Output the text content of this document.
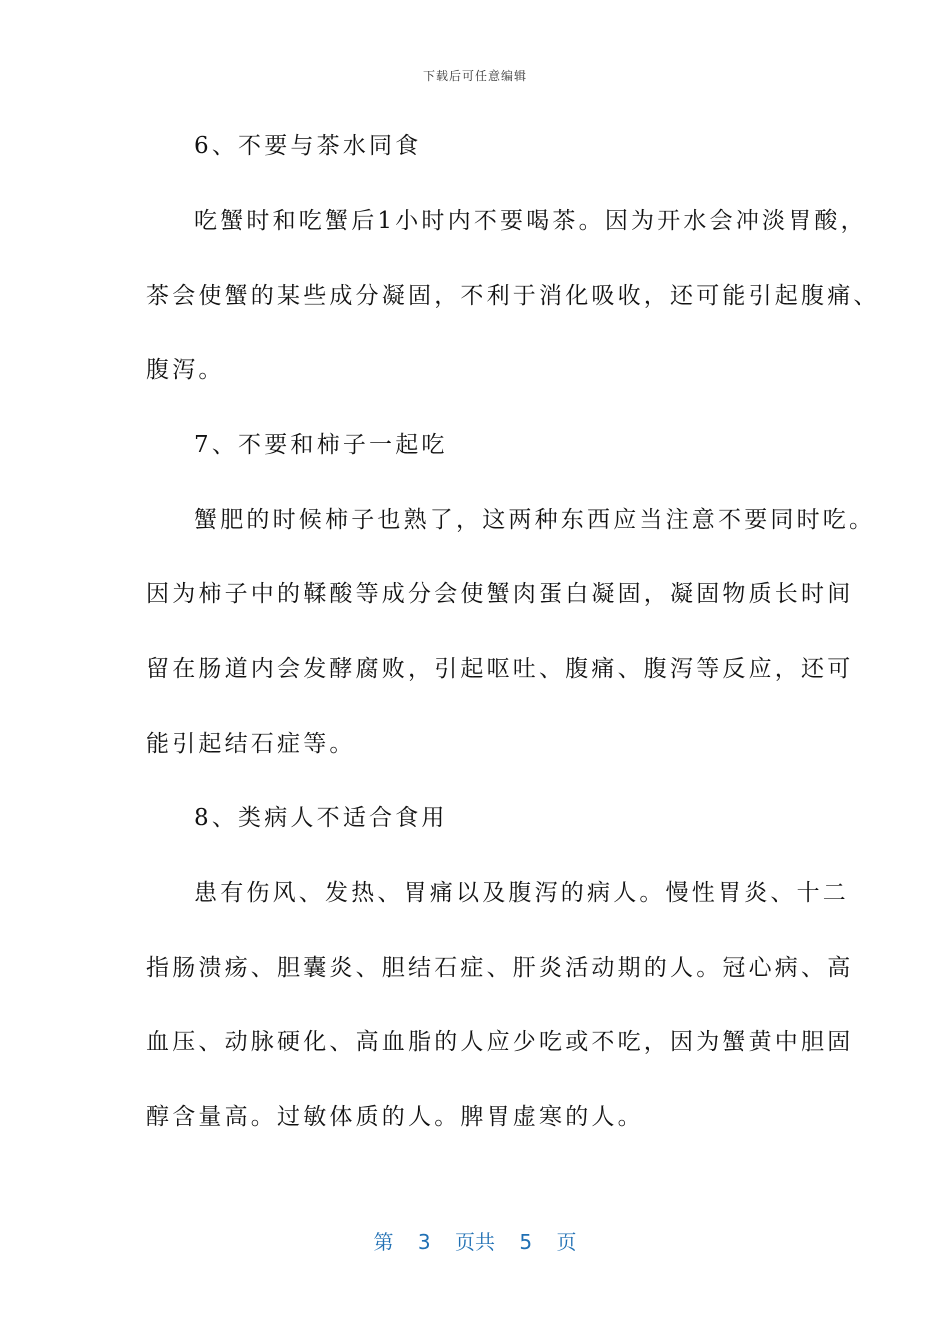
下载后可任意编辑
6、不要与茶水同食
吃蟹时和吃蟹后1小时内不要喝茶。因为开水会冲淡胃酸，
茶会使蟹的某些成分凝固，不利于消化吸收，还可能引起腹痛、
腹泻。
7、不要和柿子一起吃
蟹肥的时候柿子也熟了，这两种东西应当注意不要同时吃。
因为柿子中的鞣酸等成分会使蟹肉蛋白凝固，凝固物质长时间
留在肠道内会发酵腐败，引起呕吐、腹痛、腹泻等反应，还可
能引起结石症等。
8、类病人不适合食用
患有伤风、发热、胃痛以及腹泻的病人。慢性胃炎、十二
指肠溃疡、胆囊炎、胆结石症、肝炎活动期的人。冠心病、高
血压、动脉硬化、高血脂的人应少吃或不吃，因为蟹黄中胆固
醇含量高。过敏体质的人。脾胃虚寒的人。
第 3 页共 5 页
